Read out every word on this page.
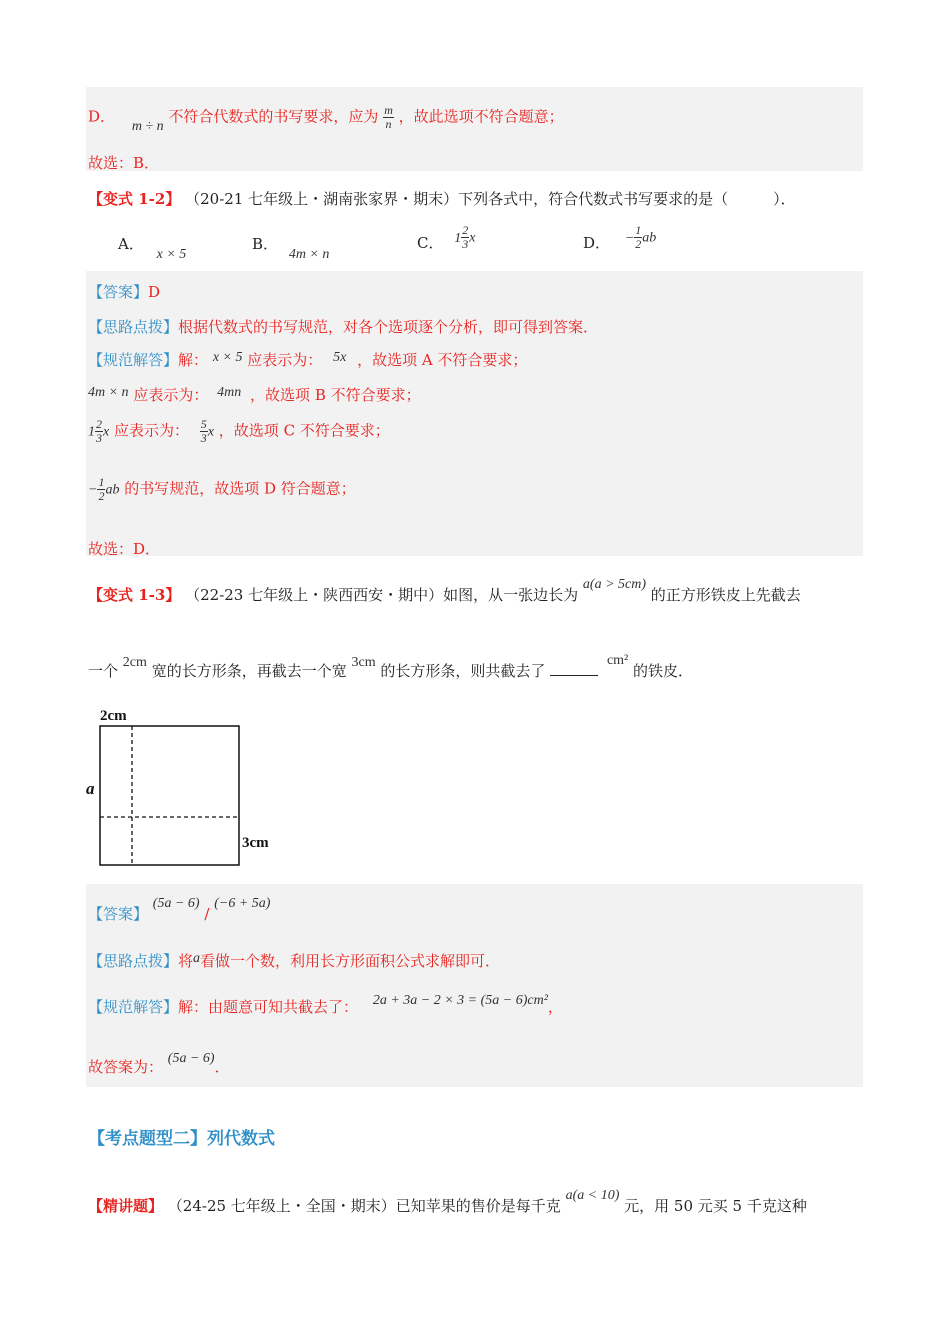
D． m ÷ n 不符合代数式的书写要求，应为 $\frac{m}{n}$ ，故此选项不符合题意；
故选：B．
【变式 1-2】 （20-21 七年级上・湖南张家界・期末）下列各式中，符合代数式书写要求的是（　　　）．
A． x × 5
B． 4m × n
C． $1 \frac{2}{3}$ x	D． − $\frac{1}{2}$ ab
【答案】D
【思路点拨】根据代数式的书写规范，对各个选项逐个分析，即可得到答案．
【规范解答】解： x × 5 应表示为： 5x ，故选项 A 不符合要求；
4m × n 应表示为： 4mn ，故选项 B 不符合要求；
$1 \frac{2}{3}$ x 应表示为： $\frac{5}{3}$ x ，故选项 C 不符合要求；
− $\frac{1}{2}$ ab 的书写规范，故选项 D 符合题意；
故选：D．
【变式 1-3】 （22-23 七年级上・陕西西安・期中）如图，从一张边长为 a(a > 5cm) 的正方形铁皮上先截去
一个 2cm 宽的长方形条，再截去一个宽 3cm 的长方形条，则共截去了  cm² 的铁皮．
2cm
a
3cm
【答案】 (5a − 6) / (−6 + 5a)
【思路点拨】将a看做一个数，利用长方形面积公式求解即可．
【规范解答】解：由题意可知共截去了： 2a + 3a − 2 × 3 = (5a − 6)cm²，
故答案为： (5a − 6)．
【考点题型二】列代数式
【精讲题】 （24-25 七年级上・全国・期末）已知苹果的售价是每千克 a(a < 10) 元，用 50 元买 5 千克这种
